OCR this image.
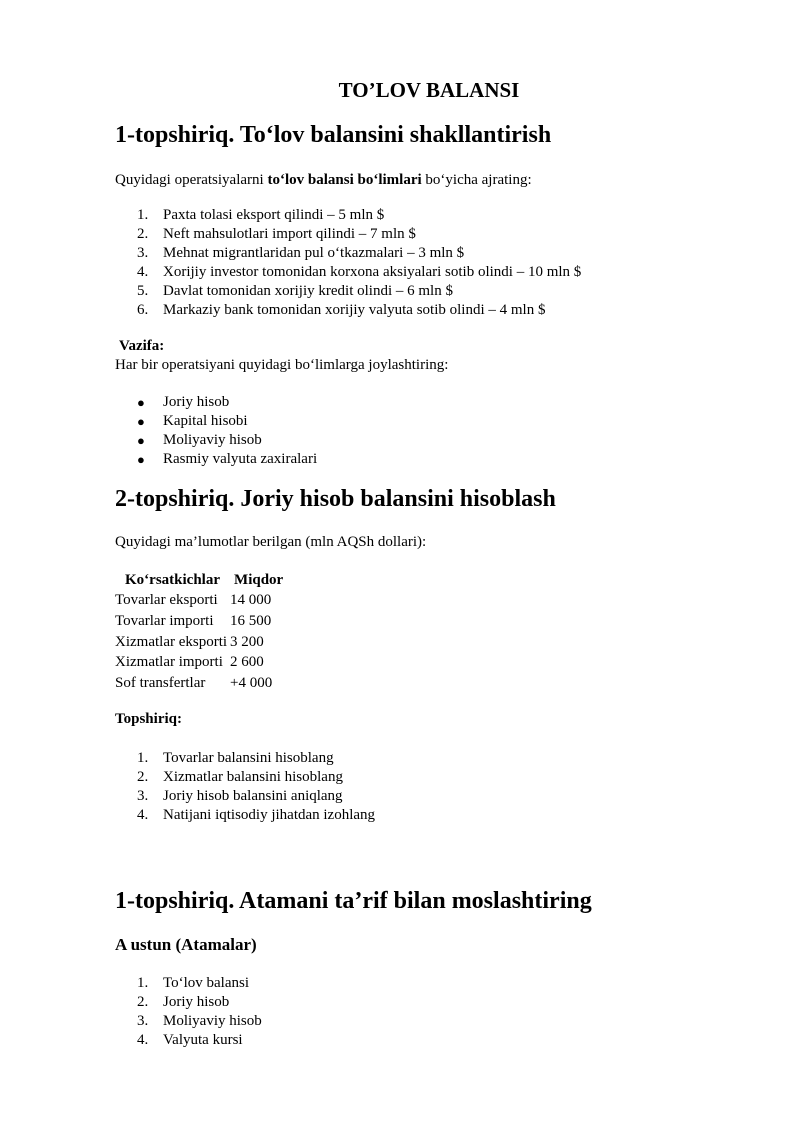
TO’LOV BALANSI
1-topshiriq. To‘lov balansini shakllantirish

Quyidagi operatsiyalarni to‘lov balansi bo‘limlari bo‘yicha ajrating:

1. Paxta tolasi eksport qilindi – 5 mln $
2. Neft mahsulotlari import qilindi – 7 mln $
3. Mehnat migrantlaridan pul o‘tkazmalari – 3 mln $
4. Xorijiy investor tomonidan korxona aksiyalari sotib olindi – 10 mln $
5. Davlat tomonidan xorijiy kredit olindi – 6 mln $
6. Markaziy bank tomonidan xorijiy valyuta sotib olindi – 4 mln $

Vazifa:

Har bir operatsiyani quyidagi bo‘limlarga joylashtiring:

● Joriy hisob
● Kapital hisobi
● Moliyaviy hisob
● Rasmiy valyuta zaxiralari
2-topshiriq. Joriy hisob balansini hisoblash

Quyidagi ma’lumotlar berilgan (mln AQSh dollari):

Ko‘rsatkichlar	Miqdor
Tovarlar eksporti	14 000
Tovarlar importi	16 500
Xizmatlar eksporti	3 200
Xizmatlar importi	2 600
Sof transfertlar	+4 000

Topshiriq:

1. Tovarlar balansini hisoblang
2. Xizmatlar balansini hisoblang
3. Joriy hisob balansini aniqlang
4. Natijani iqtisodiy jihatdan izohlang
1-topshiriq. Atamani ta’rif bilan moslashtiring
A ustun (Atamalar)
1. To‘lov balansi
2. Joriy hisob
3. Moliyaviy hisob
4. Valyuta kursi
